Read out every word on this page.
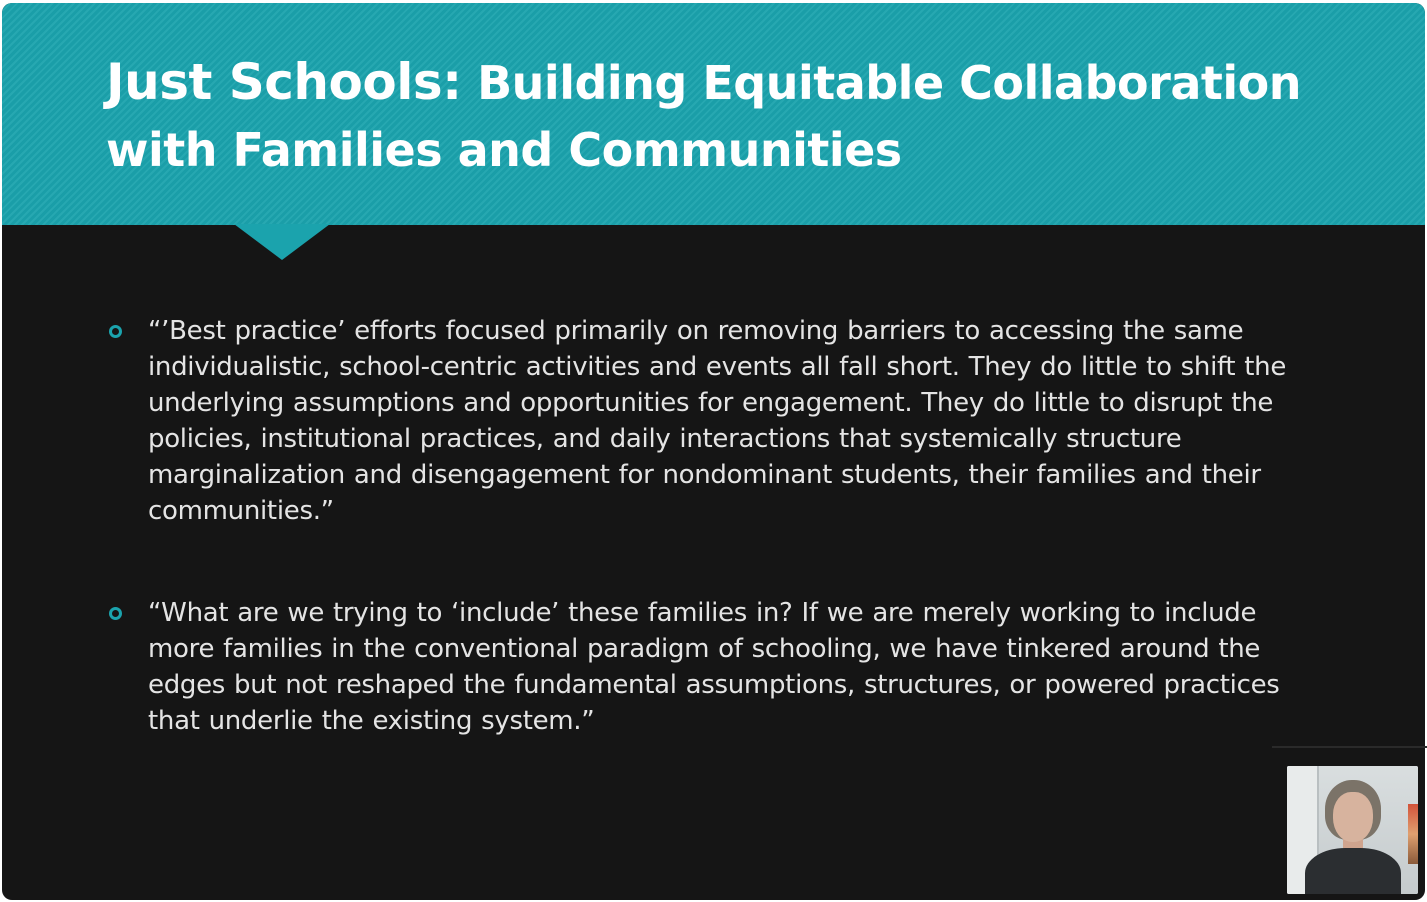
Just Schools: Building Equitable Collaboration with Families and Communities
“’Best practice’ efforts focused primarily on removing barriers to accessing the same individualistic, school-centric activities and events all fall short. They do little to shift the underlying assumptions and opportunities for engagement. They do little to disrupt the policies, institutional practices, and daily interactions that systemically structure marginalization and disengagement for nondominant students, their families and their communities.”
“What are we trying to ‘include’ these families in? If we are merely working to include more families in the conventional paradigm of schooling, we have tinkered around the edges but not reshaped the fundamental assumptions, structures, or powered practices that underlie the existing system.”
